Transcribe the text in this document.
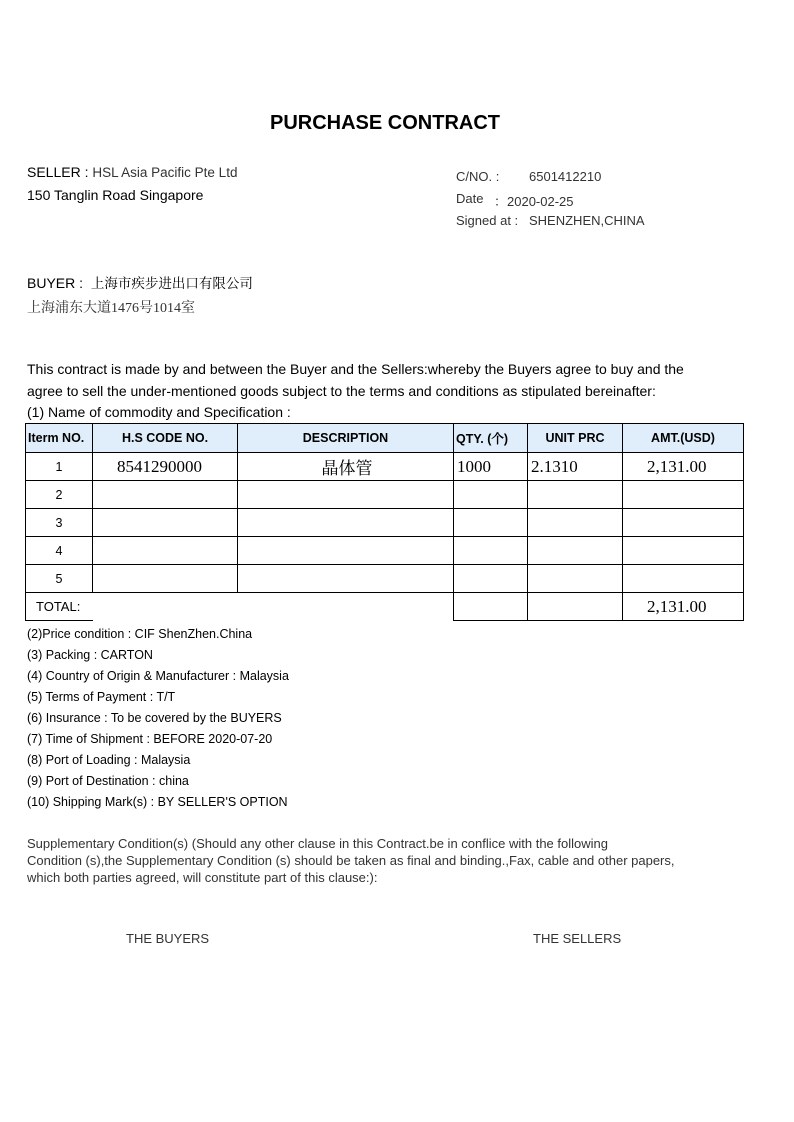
PURCHASE CONTRACT
SELLER : HSL Asia Pacific Pte Ltd
150 Tanglin Road Singapore
C/NO. : 6501412210
Date ：2020-02-25
Signed at : SHENZHEN,CHINA
BUYER : 上海市疾步进出口有限公司
上海浦东大道1476号1014室
This contract is made by and between the Buyer and the Sellers:whereby the Buyers agree to buy and the
agree to sell the under-mentioned goods subject to the terms and conditions as stipulated bereinafter:
(1) Name of commodity and Specification :
Iterm NO.	H.S CODE NO.	DESCRIPTION	QTY. (个)	UNIT PRC	AMT.(USD)
1	8541290000	晶体管	1000	2.1310	2,131.00
2					
3					
4					
5					
TOTAL:					2,131.00
(2)Price condition : CIF ShenZhen.China
(3) Packing : CARTON
(4) Country of Origin & Manufacturer : Malaysia
(5) Terms of Payment : T/T
(6) Insurance : To be covered by the BUYERS
(7) Time of Shipment : BEFORE 2020-07-20
(8) Port of Loading : Malaysia
(9) Port of Destination : china
(10) Shipping Mark(s) : BY SELLER'S OPTION
Supplementary Condition(s) (Should any other clause in this Contract.be in conflice with the following
Condition (s),the Supplementary Condition (s) should be taken as final and binding.,Fax, cable and other papers,
which both parties agreed, will constitute part of this clause:):
THE BUYERS	THE SELLERS
